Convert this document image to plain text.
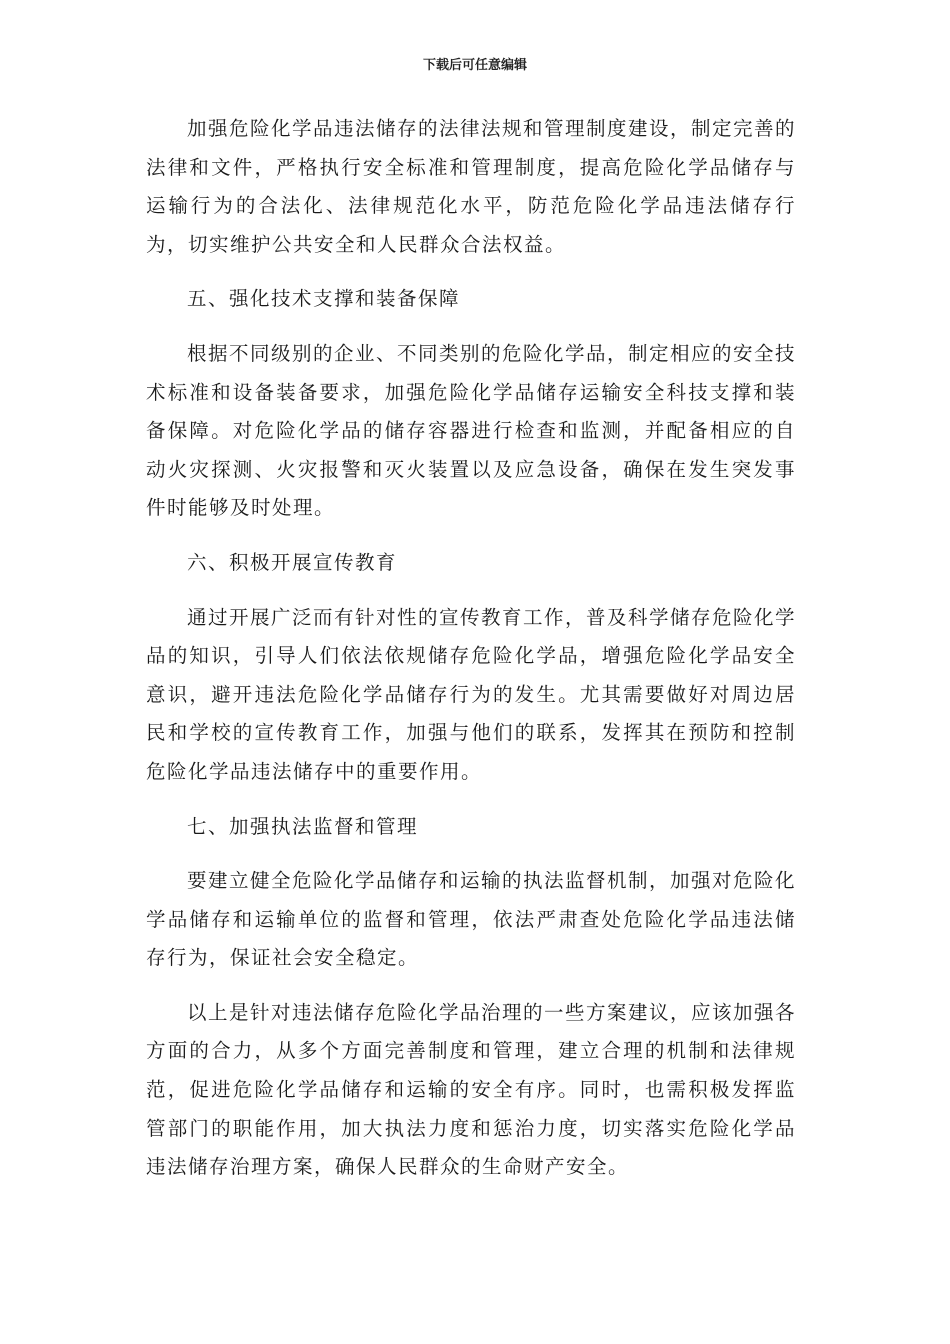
下载后可任意编辑

加强危险化学品违法储存的法律法规和管理制度建设，制定完善的法律和文件，严格执行安全标准和管理制度，提高危险化学品储存与运输行为的合法化、法律规范化水平，防范危险化学品违法储存行为，切实维护公共安全和人民群众合法权益。

五、强化技术支撑和装备保障

根据不同级别的企业、不同类别的危险化学品，制定相应的安全技术标准和设备装备要求，加强危险化学品储存运输安全科技支撑和装备保障。对危险化学品的储存容器进行检查和监测，并配备相应的自动火灾探测、火灾报警和灭火装置以及应急设备，确保在发生突发事件时能够及时处理。

六、积极开展宣传教育

通过开展广泛而有针对性的宣传教育工作，普及科学储存危险化学品的知识，引导人们依法依规储存危险化学品，增强危险化学品安全意识，避开违法危险化学品储存行为的发生。尤其需要做好对周边居民和学校的宣传教育工作，加强与他们的联系，发挥其在预防和控制危险化学品违法储存中的重要作用。

七、加强执法监督和管理

要建立健全危险化学品储存和运输的执法监督机制，加强对危险化学品储存和运输单位的监督和管理，依法严肃查处危险化学品违法储存行为，保证社会安全稳定。

以上是针对违法储存危险化学品治理的一些方案建议，应该加强各方面的合力，从多个方面完善制度和管理，建立合理的机制和法律规范，促进危险化学品储存和运输的安全有序。同时，也需积极发挥监管部门的职能作用，加大执法力度和惩治力度，切实落实危险化学品违法储存治理方案，确保人民群众的生命财产安全。
